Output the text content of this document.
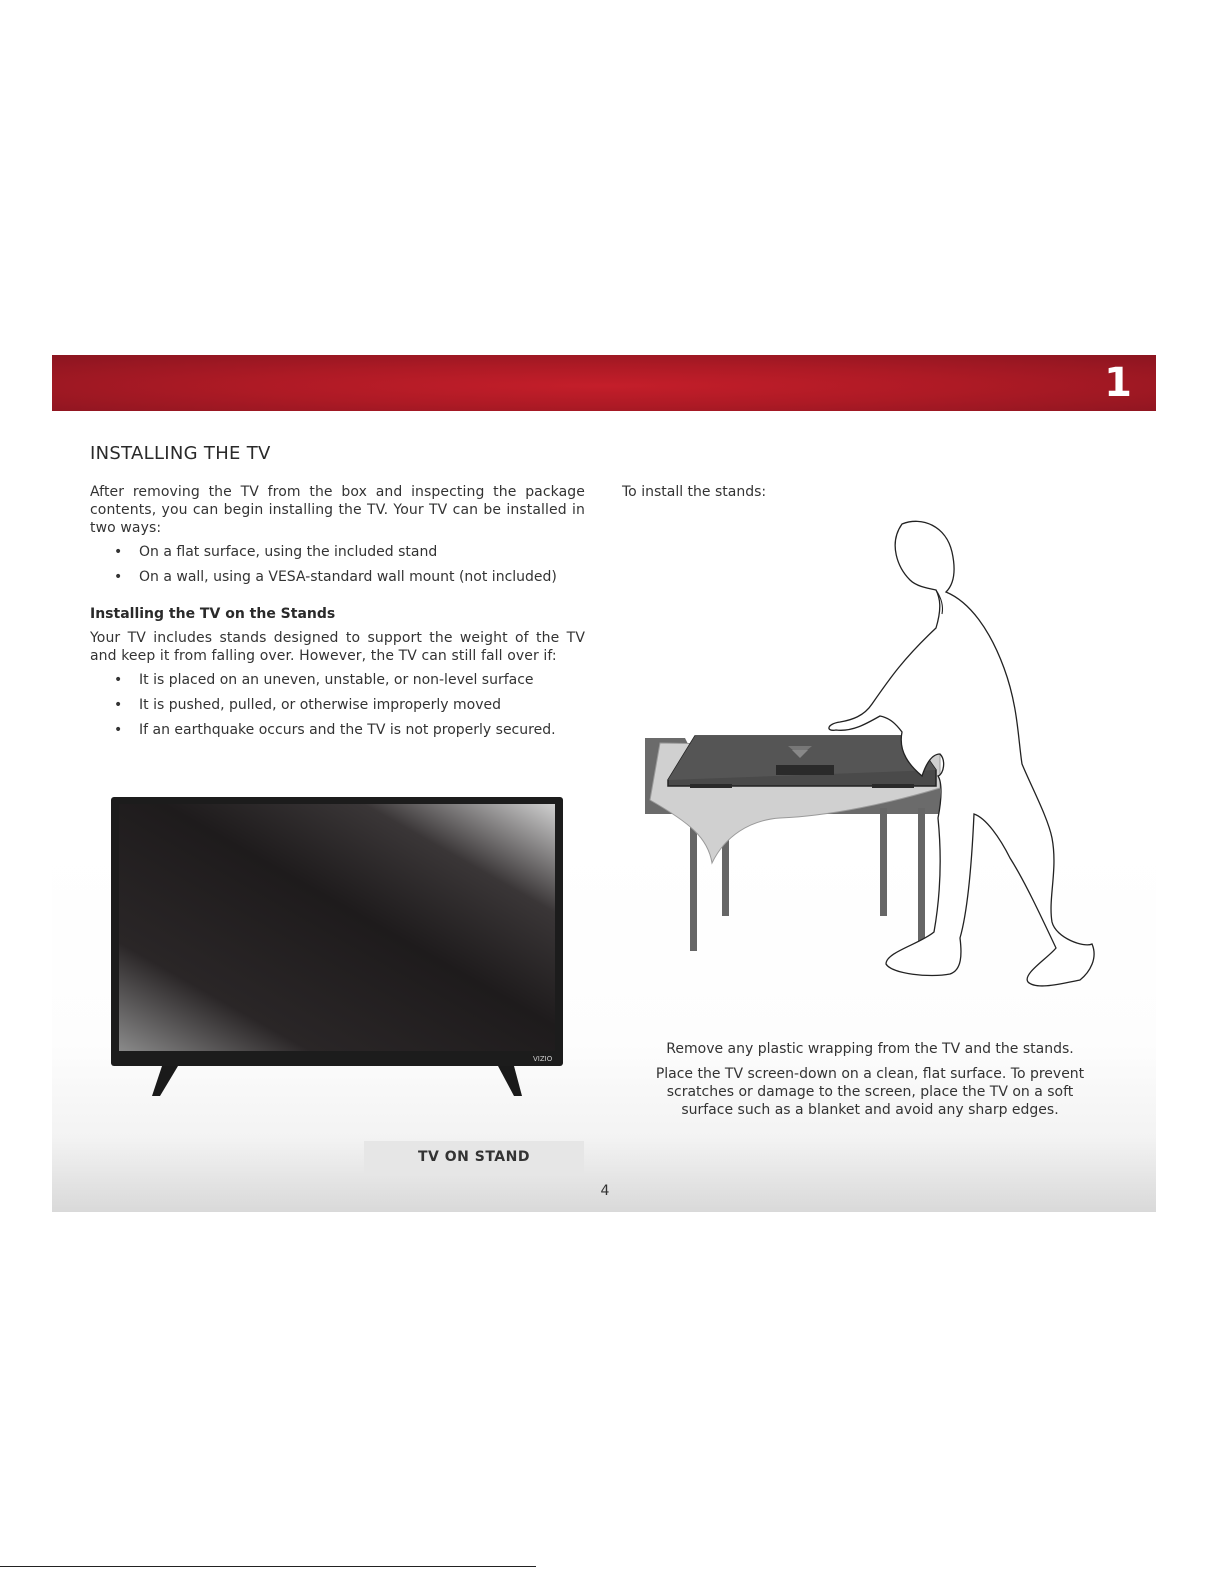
1
INSTALLING THE TV

After removing the TV from the box and inspecting the package contents, you can begin installing the TV. Your TV can be installed in two ways:

• On a flat surface, using the included stand
• On a wall, using a VESA-standard wall mount (not included)
Installing the TV on the Stands

Your TV includes stands designed to support the weight of the TV and keep it from falling over. However, the TV can still fall over if:

• It is placed on an uneven, unstable, or non-level surface
• It is pushed, pulled, or otherwise improperly moved
• If an earthquake occurs and the TV is not properly secured.

To install the stands:

VIZIO

Remove any plastic wrapping from the TV and the stands.

Place the TV screen-down on a clean, flat surface. To prevent scratches or damage to the screen, place the TV on a soft surface such as a blanket and avoid any sharp edges.

TV ON STAND
4
